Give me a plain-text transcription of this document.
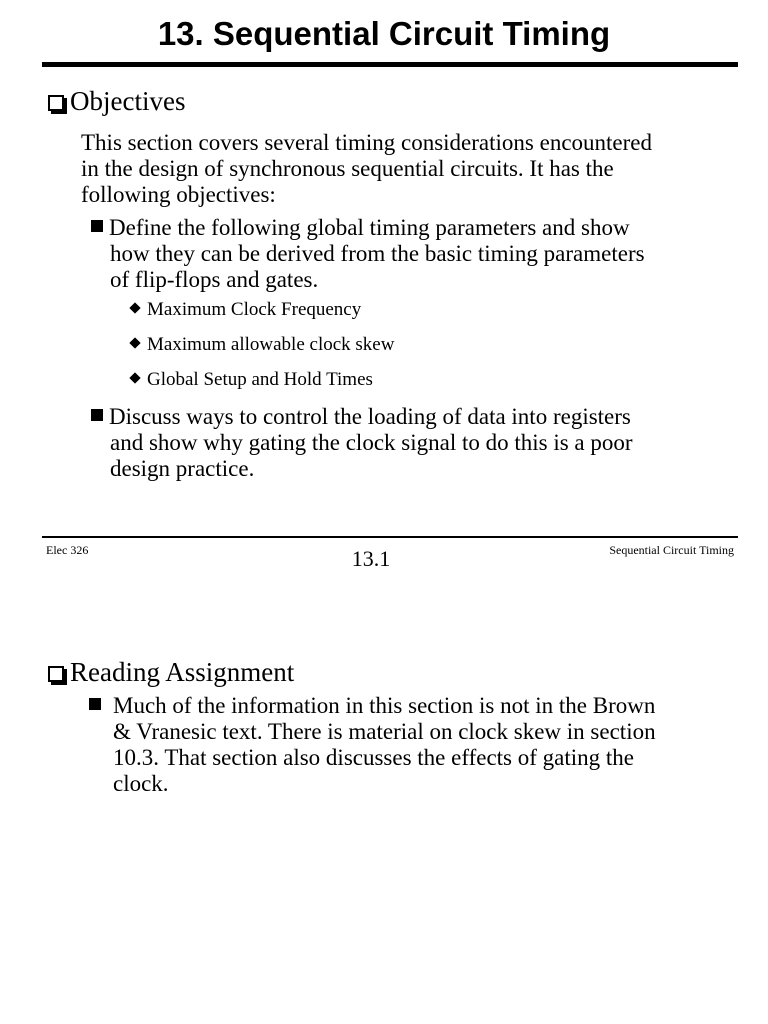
13. Sequential Circuit Timing
Objectives
This section covers several timing considerations encountered
in the design of synchronous sequential circuits. It has the
following objectives:
Define the following global timing parameters and show
how they can be derived from the basic timing parameters
of flip-flops and gates.
Maximum Clock Frequency
Maximum allowable clock skew
Global Setup and Hold Times
Discuss ways to control the loading of data into registers
and show why gating the clock signal to do this is a poor
design practice.
Elec 326	13.1	Sequential Circuit Timing
Reading Assignment
Much of the information in this section is not in the Brown
& Vranesic text. There is material on clock skew in section
10.3. That section also discusses the effects of gating the
clock.
